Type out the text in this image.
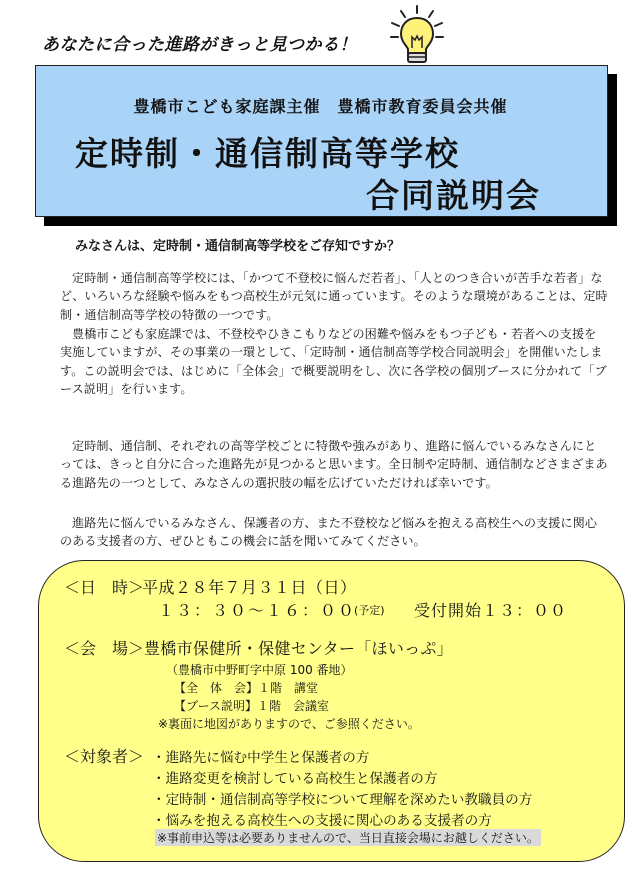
あなたに合った進路がきっと見つかる！
豊橋市こども家庭課主催　豊橋市教育委員会共催
定時制・通信制高等学校
合同説明会
みなさんは、定時制・通信制高等学校をご存知ですか？

定時制・通信制高等学校には、「かつて不登校に悩んだ若者」、「人とのつき合いが苦手な若者」など、いろいろな経験や悩みをもつ高校生が元気に通っています。そのような環境があることは、定時制・通信制高等学校の特徴の一つです。

豊橋市こども家庭課では、不登校やひきこもりなどの困難や悩みをもつ子ども・若者への支援を実施していますが、その事業の一環として、「定時制・通信制高等学校合同説明会」を開催いたします。この説明会では、はじめに「全体会」で概要説明をし、次に各学校の個別ブースに分かれて「ブース説明」を行います。

定時制、通信制、それぞれの高等学校ごとに特徴や強みがあり、進路に悩んでいるみなさんにとっては、きっと自分に合った進路先が見つかると思います。全日制や定時制、通信制などさまざまある進路先の一つとして、みなさんの選択肢の幅を広げていただければ幸いです。

進路先に悩んでいるみなさん、保護者の方、また不登校など悩みを抱える高校生への支援に関心のある支援者の方、ぜひともこの機会に話を聞いてみてください。

＜日　時＞
平成２８年７月３１日（日）
１３：３０～１６：００
(予定) 受付開始１３：００
＜会　場＞ 豊橋市保健所・保健センター「ほいっぷ」
（豊橋市中野町字中原 100 番地）
【全　体　会】１階　講堂
【ブース説明】１階　会議室
※裏面に地図がありますので、ご参照ください。
＜対象者＞ ・進路先に悩む中学生と保護者の方
・進路変更を検討している高校生と保護者の方
・定時制・通信制高等学校について理解を深めたい教職員の方
・悩みを抱える高校生への支援に関心のある支援者の方
※事前申込等は必要ありませんので、当日直接会場にお越しください。
